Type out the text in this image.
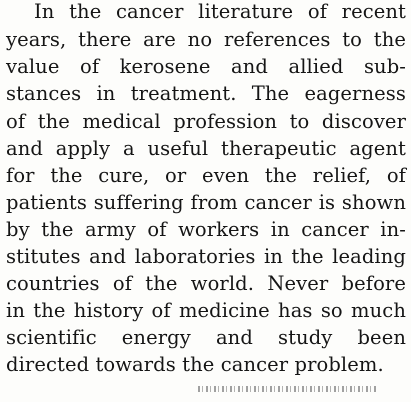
In the cancer literature of recent
years, there are no references to the
value of kerosene and allied sub-
stances in treatment. The eagerness
of the medical profession to discover
and apply a useful therapeutic agent
for the cure, or even the relief, of
patients suffering from cancer is shown
by the army of workers in cancer in-
stitutes and laboratories in the leading
countries of the world. Never before
in the history of medicine has so much
scientific energy and study been
directed towards the cancer problem.
